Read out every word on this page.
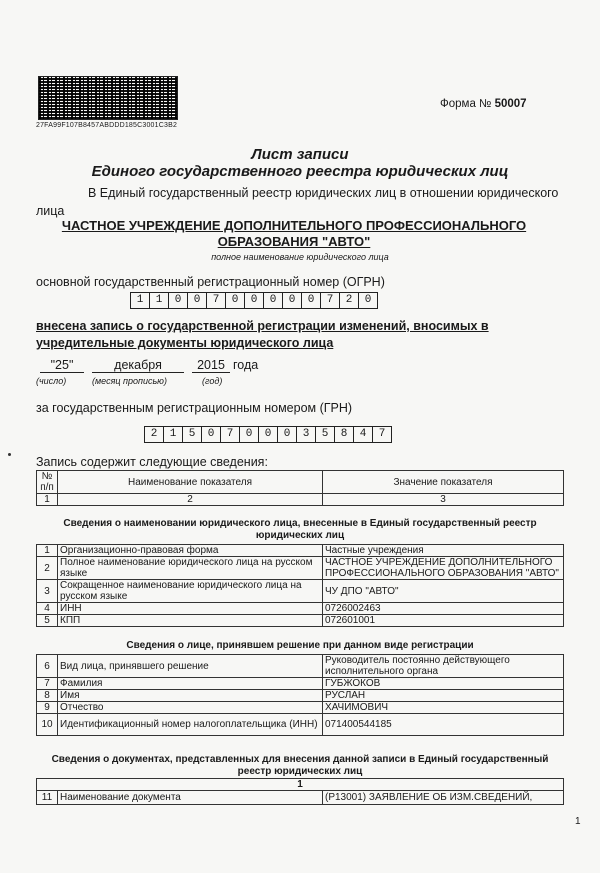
27FA99F107B8457ABDDD185C3001C3B2
Форма № 50007
Лист записи
Единого государственного реестра юридических лиц
В Единый государственный реестр юридических лиц в отношении юридического
лица
ЧАСТНОЕ УЧРЕЖДЕНИЕ ДОПОЛНИТЕЛЬНОГО ПРОФЕССИОНАЛЬНОГО ОБРАЗОВАНИЯ "АВТО"
полное наименование юридического лица
основной государственный регистрационный номер (ОГРН)
1	1	0	0	7	0	0	0	0	0	7	2	0
внесена запись о государственной регистрации изменений, вносимых в учредительные документы юридического лица
"25"	декабря	2015 года
(число)	(месяц прописью)	(год)
за государственным регистрационным номером (ГРН)
2	1	5	0	7	0	0	0	3	5	8	4	7
Запись содержит следующие сведения:
№ п/п	Наименование показателя	Значение показателя
1	2	3
Сведения о наименовании юридического лица, внесенные в Единый государственный реестр юридических лиц
1	Организационно-правовая форма	Частные учреждения
2	Полное наименование юридического лица на русском языке	ЧАСТНОЕ УЧРЕЖДЕНИЕ ДОПОЛНИТЕЛЬНОГО ПРОФЕССИОНАЛЬНОГО ОБРАЗОВАНИЯ "АВТО"
3	Сокращенное наименование юридического лица на русском языке	ЧУ ДПО "АВТО"
4	ИНН	0726002463
5	КПП	072601001
Сведения о лице, принявшем решение при данном виде регистрации
6	Вид лица, принявшего решение	Руководитель постоянно действующего исполнительного органа
7	Фамилия	ГУБЖОКОВ
8	Имя	РУСЛАН
9	Отчество	ХАЧИМОВИЧ
10	Идентификационный номер налогоплательщика (ИНН)	071400544185
Сведения о документах, представленных для внесения данной записи в Единый государственный реестр юридических лиц
1
11	Наименование документа	(Р13001) ЗАЯВЛЕНИЕ ОБ ИЗМ.СВЕДЕНИЙ,
1
